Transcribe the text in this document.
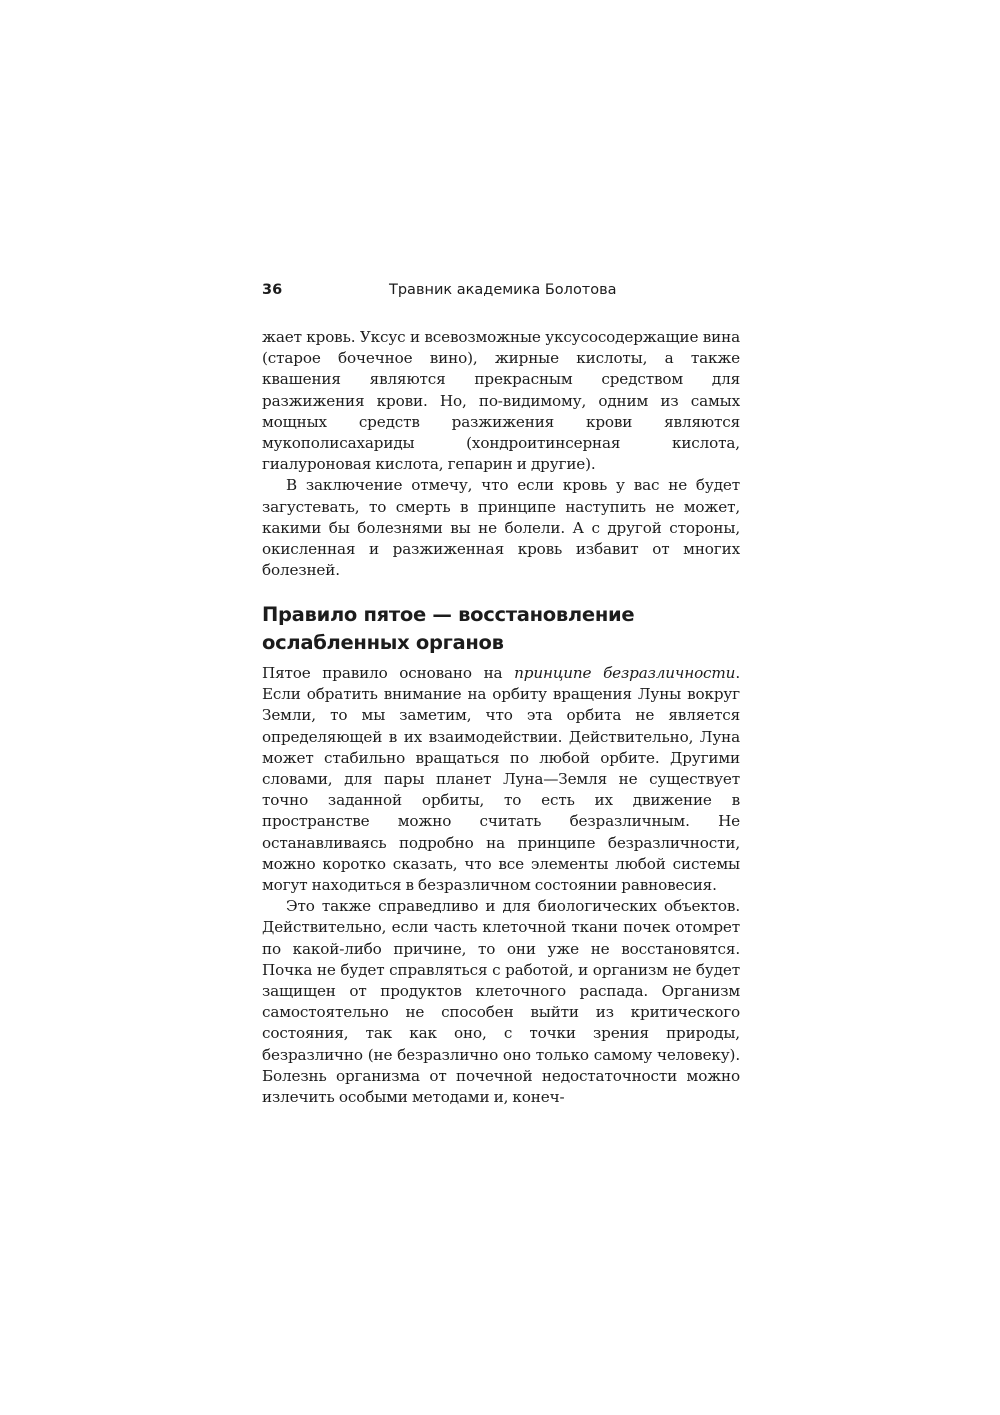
36	Травник академика Болотова

жает кровь. Уксус и всевозможные уксусосодержащие вина (старое бочечное вино), жирные кислоты, а также квашения являются прекрасным средством для разжижения крови. Но, по-видимому, одним из самых мощных средств разжижения крови являются мукополисахариды (хондроитинсерная кислота, гиалуроновая кислота, гепарин и другие).

В заключение отмечу, что если кровь у вас не будет загустевать, то смерть в принципе наступить не может, какими бы болезнями вы не болели. А с другой стороны, окисленная и разжиженная кровь избавит от многих болезней.

Правило пятое — восстановление
ослабленных органов

Пятое правило основано на принципе безразличности. Если обратить внимание на орбиту вращения Луны вокруг Земли, то мы заметим, что эта орбита не является определяющей в их взаимодействии. Действительно, Луна может стабильно вращаться по любой орбите. Другими словами, для пары планет Луна—Земля не существует точно заданной орбиты, то есть их движение в пространстве можно считать безразличным. Не останавливаясь подробно на принципе безразличности, можно коротко сказать, что все элементы любой системы могут находиться в безразличном состоянии равновесия.

Это также справедливо и для биологических объектов. Действительно, если часть клеточной ткани почек отомрет по какой-либо причине, то они уже не восстановятся. Почка не будет справляться с работой, и организм не будет защищен от продуктов клеточного распада. Организм самостоятельно не способен выйти из критического состояния, так как оно, с точки зрения природы, безразлично (не безразлично оно только самому человеку). Болезнь организма от почечной недостаточности можно излечить особыми методами и, конеч-
